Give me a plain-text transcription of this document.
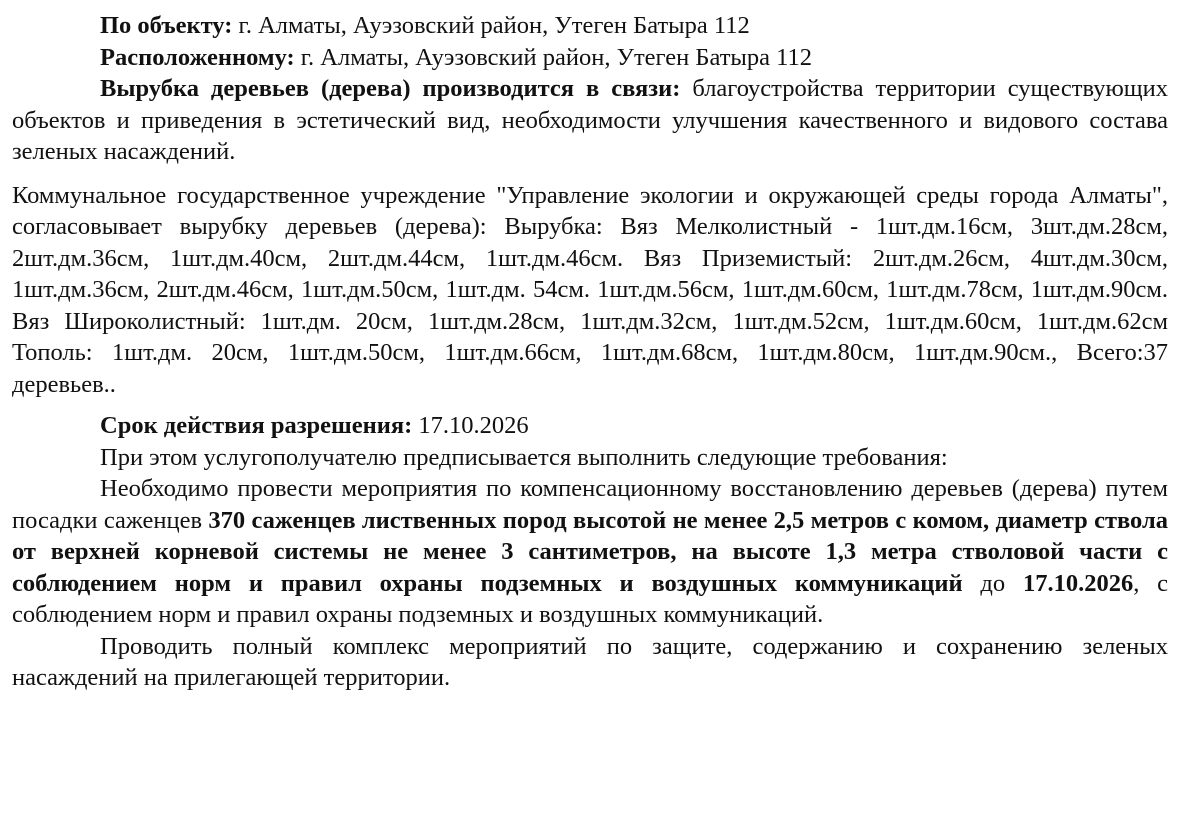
По объекту: г. Алматы, Ауэзовский район, Утеген Батыра 112

Расположенному: г. Алматы, Ауэзовский район, Утеген Батыра 112

Вырубка деревьев (дерева) производится в связи: благоустройства территории существующих объектов и приведения в эстетический вид, необходимости улучшения качественного и видового состава зеленых насаждений.

Коммунальное государственное учреждение "Управление экологии и окружающей среды города Алматы", согласовывает вырубку деревьев (дерева): Вырубка: Вяз Мелколистный - 1шт.дм.16см, 3шт.дм.28см, 2шт.дм.36см, 1шт.дм.40см, 2шт.дм.44см, 1шт.дм.46см. Вяз Приземистый: 2шт.дм.26см, 4шт.дм.30см, 1шт.дм.36см, 2шт.дм.46см, 1шт.дм.50см, 1шт.дм. 54см. 1шт.дм.56см, 1шт.дм.60см, 1шт.дм.78см, 1шт.дм.90см. Вяз Широколистный: 1шт.дм. 20см, 1шт.дм.28см, 1шт.дм.32см, 1шт.дм.52см, 1шт.дм.60см, 1шт.дм.62см Тополь: 1шт.дм. 20см, 1шт.дм.50см, 1шт.дм.66см, 1шт.дм.68см, 1шт.дм.80см, 1шт.дм.90см., Всего:37 деревьев..

Срок действия разрешения: 17.10.2026

При этом услугополучателю предписывается выполнить следующие требования:

Необходимо провести мероприятия по компенсационному восстановлению деревьев (дерева) путем посадки саженцев 370 саженцев лиственных пород высотой не менее 2,5 метров с комом, диаметр ствола от верхней корневой системы не менее 3 сантиметров, на высоте 1,3 метра стволовой части с соблюдением норм и правил охраны подземных и воздушных коммуникаций до 17.10.2026, с соблюдением норм и правил охраны подземных и воздушных коммуникаций.

Проводить полный комплекс мероприятий по защите, содержанию и сохранению зеленых насаждений на прилегающей территории.
